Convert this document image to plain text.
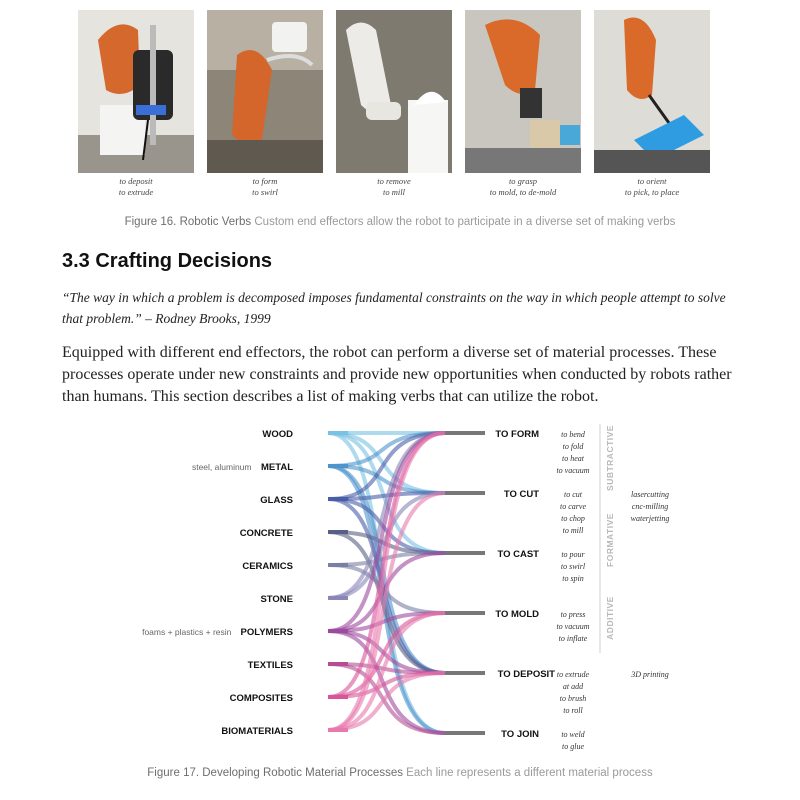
to deposit
to extrude
to form
to swirl
to remove
to mill
to grasp
to mold, to de-mold
to orient
to pick, to place
Figure 16. Robotic Verbs Custom end effectors allow the robot to participate in a diverse set of making verbs
3.3 Crafting Decisions

“The way in which a problem is decomposed imposes fundamental constraints on the way in which people attempt to solve that problem.” – Rodney Brooks, 1999

Equipped with different end effectors, the robot can perform a diverse set of material processes. These processes operate under new constraints and provide new opportunities when conducted by robots rather than humans. This section describes a list of making verbs that can utilize the robot.

WOOD
METAL
steel, aluminum
GLASS
CONCRETE
CERAMICS
STONE
POLYMERS
foams + plastics + resin
TEXTILES
COMPOSITES
BIOMATERIALS
TO FORM	to bend
to fold
to heat
to vacuum
TO CUT	to cut
to carve
to chop
to mill
lasercutting
cnc-milling
waterjetting
TO CAST	to pour
to swirl
to spin
TO MOLD	to press
to vacuum
to inflate
TO DEPOSIT to extrude
at add
to brush
to roll
3D printing
TO JOIN	to weld
to glue
SUBTRACTIVE
FORMATIVE
ADDITIVE
Figure 17. Developing Robotic Material Processes Each line represents a different material process
